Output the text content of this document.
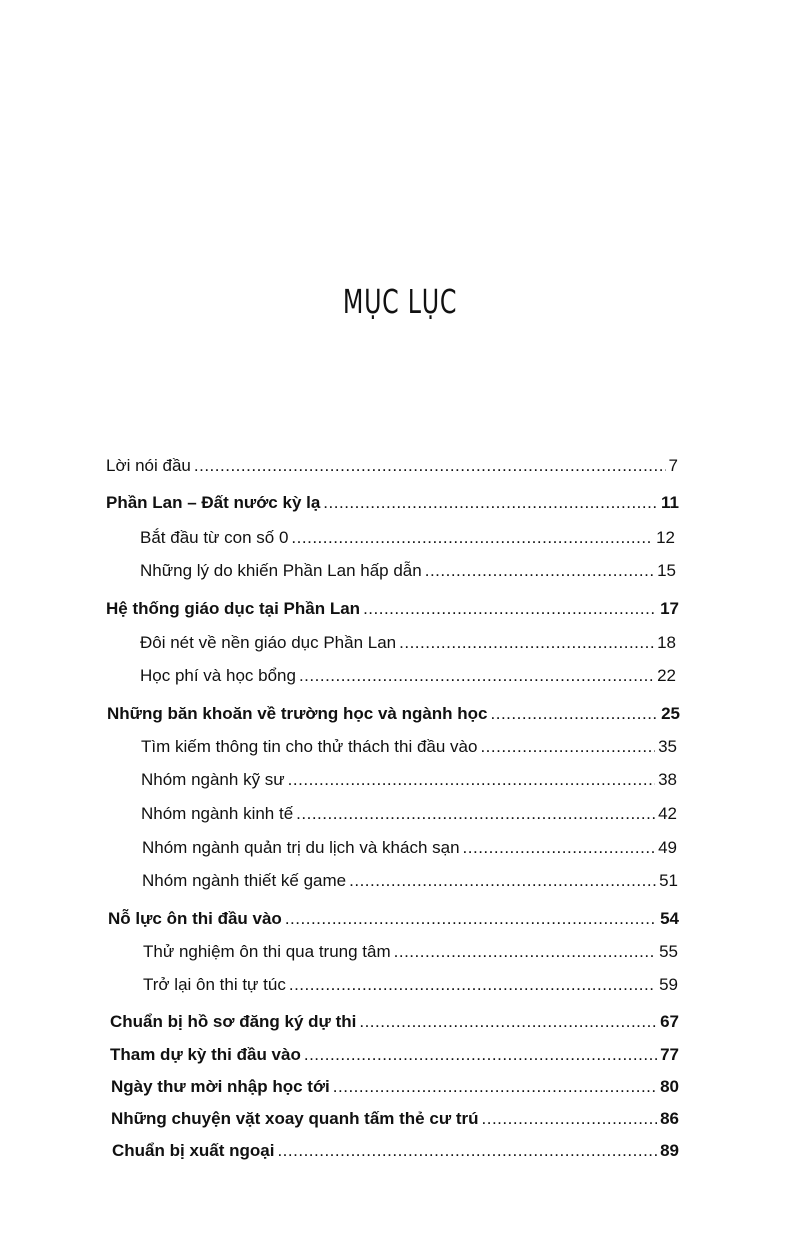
MỤC LỤC
Lời nói đầu .....	7
Phần Lan – Đất nước kỳ lạ .....	11
Bắt đầu từ con số 0 .....	12
Những lý do khiến Phần Lan hấp dẫn .....	15
Hệ thống giáo dục tại Phần Lan .....	17
Đôi nét về nền giáo dục Phần Lan .....	18
Học phí và học bổng .....	22
Những băn khoăn về trường học và ngành học .....	25
Tìm kiếm thông tin cho thử thách thi đầu vào .....	35
Nhóm ngành kỹ sư .....	38
Nhóm ngành kinh tế .....	42
Nhóm ngành quản trị du lịch và khách sạn .....	49
Nhóm ngành thiết kế game .....	51
Nỗ lực ôn thi đầu vào .....	54
Thử nghiệm ôn thi qua trung tâm .....	55
Trở lại ôn thi tự túc .....	59
Chuẩn bị hồ sơ đăng ký dự thi .....	67
Tham dự kỳ thi đầu vào .....	77
Ngày thư mời nhập học tới .....	80
Những chuyện vặt xoay quanh tấm thẻ cư trú .....	86
Chuẩn bị xuất ngoại .....	89
